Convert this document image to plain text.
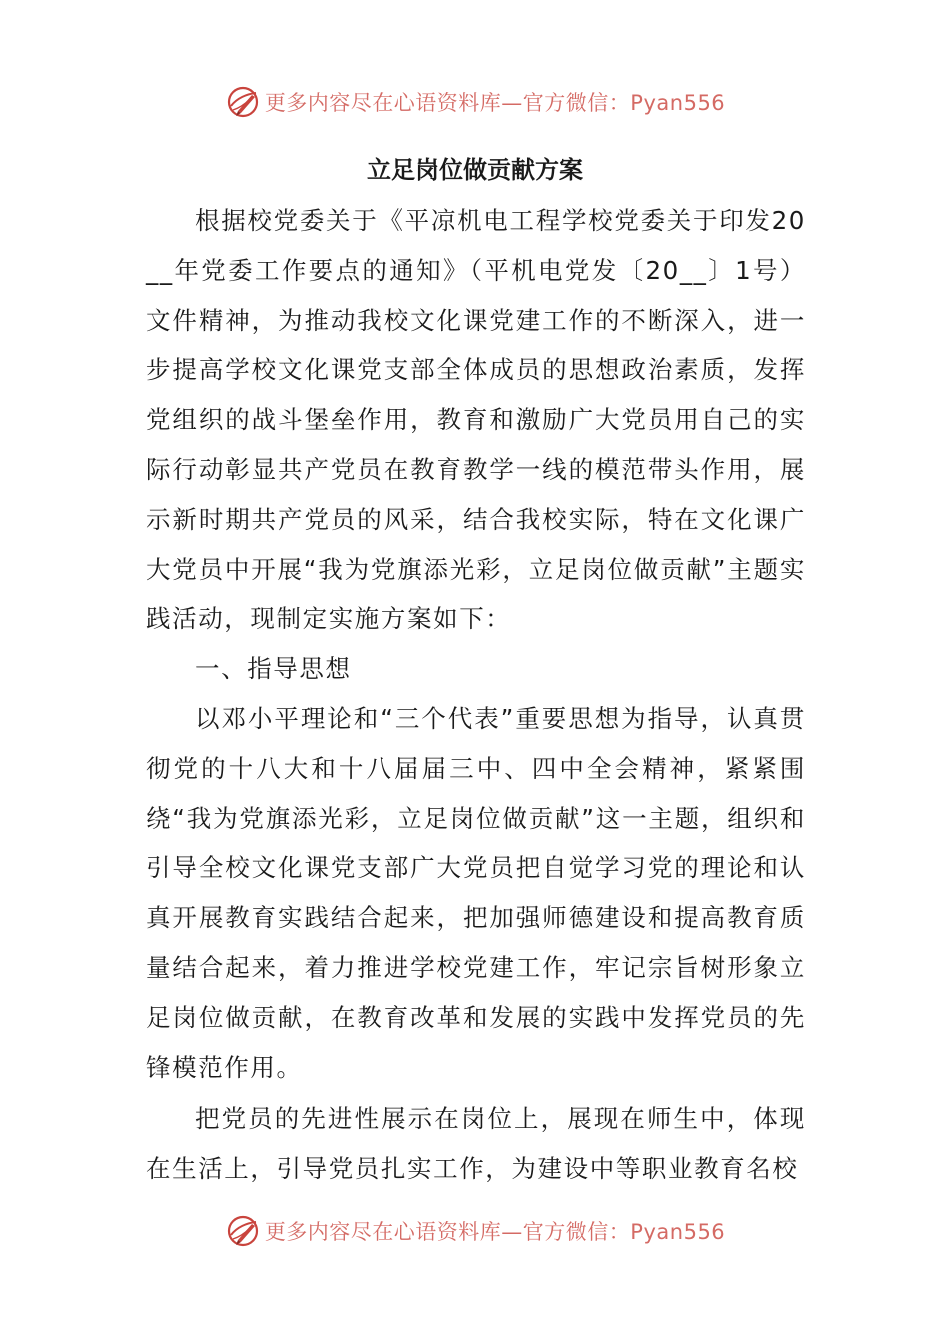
更多内容尽在心语资料库—官方微信：Pyan556
立足岗位做贡献方案

根据校党委关于《平凉机电工程学校党委关于印发20__年党委工作要点的通知》（平机电党发〔20__〕1号）文件精神，为推动我校文化课党建工作的不断深入，进一步提高学校文化课党支部全体成员的思想政治素质，发挥党组织的战斗堡垒作用，教育和激励广大党员用自己的实际行动彰显共产党员在教育教学一线的模范带头作用，展示新时期共产党员的风采，结合我校实际，特在文化课广大党员中开展“我为党旗添光彩，立足岗位做贡献”主题实践活动，现制定实施方案如下：

一、指导思想

以邓小平理论和“三个代表”重要思想为指导，认真贯彻党的十八大和十八届届三中、四中全会精神，紧紧围绕“我为党旗添光彩，立足岗位做贡献”这一主题，组织和引导全校文化课党支部广大党员把自觉学习党的理论和认真开展教育实践结合起来，把加强师德建设和提高教育质量结合起来，着力推进学校党建工作，牢记宗旨树形象立足岗位做贡献，在教育改革和发展的实践中发挥党员的先锋模范作用。

把党员的先进性展示在岗位上，展现在师生中，体现在生活上，引导党员扎实工作，为建设中等职业教育名校

更多内容尽在心语资料库—官方微信：Pyan556
